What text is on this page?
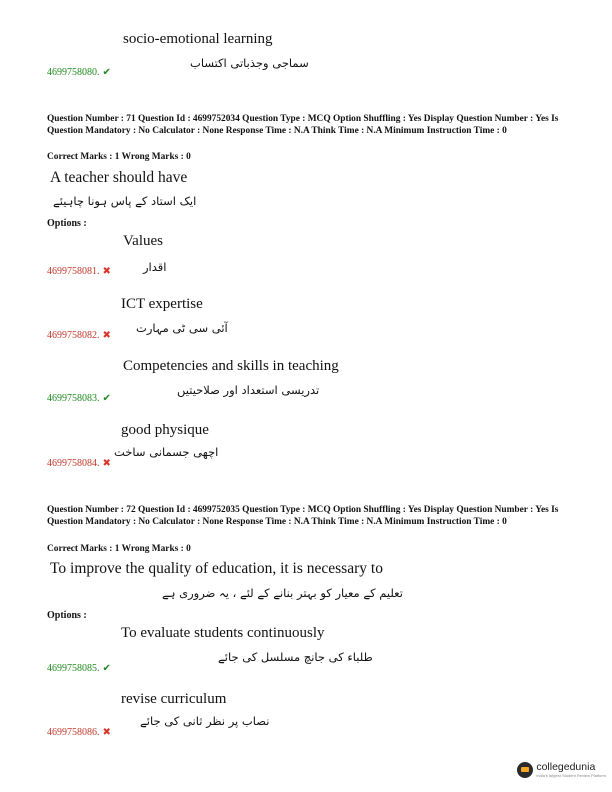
socio-emotional learning
سماجی وجذباتی اکتساب
4699758080. ✔
Question Number : 71 Question Id : 4699752034 Question Type : MCQ Option Shuffling : Yes Display Question Number : Yes Is Question Mandatory : No Calculator : None Response Time : N.A Think Time : N.A Minimum Instruction Time : 0
Correct Marks : 1 Wrong Marks : 0
A teacher should have
ایک استاد کے پاس ہونا چاہیئے
Options :
Values
اقدار
4699758081. ✖
ICT expertise
آئی سی ٹی مہارت
4699758082. ✖
Competencies and skills in teaching
تدریسی استعداد اور صلاحیتیں
4699758083. ✔
good physique
اچھی جسمانی ساخت
4699758084. ✖
Question Number : 72 Question Id : 4699752035 Question Type : MCQ Option Shuffling : Yes Display Question Number : Yes Is Question Mandatory : No Calculator : None Response Time : N.A Think Time : N.A Minimum Instruction Time : 0
Correct Marks : 1 Wrong Marks : 0
To improve the quality of education, it is necessary to
تعلیم کے معیار کو بہتر بنانے کے لئے ، یہ ضروری ہے
Options :
To evaluate students continuously
طلباء کی جانچ مسلسل کی جائے
4699758085. ✔
revise curriculum
نصاب پر نظر ثانی کی جائے
4699758086. ✖
collegedunia
India's largest Student Review Platform
